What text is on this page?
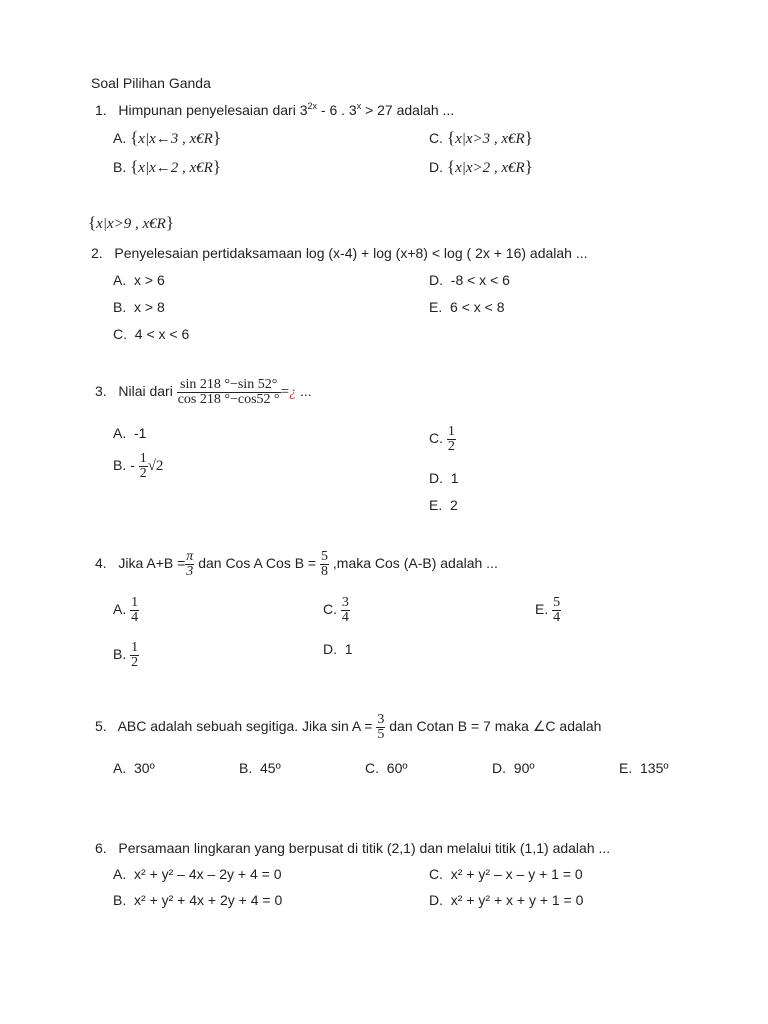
Soal Pilihan Ganda
1. Himpunan penyelesaian dari $3^{2x} - 6$ . $3^x > 27$ adalah ...
A. {x|x←3 , x€R}	C. {x|x>3 , x€R}
B. {x|x←2 , x€R}	D. {x|x>2 , x€R}
{x|x>9 , x€R}
2. Penyelesaian pertidaksamaan log (x-4) + log (x+8) < log ( 2x + 16) adalah ...
A. x > 6	D. -8 < x < 6
B. x > 8	E. 6 < x < 8
C. 4 < x < 6
3. Nilai dari $\frac{\sin 218 ^\circ-\sin 52^\circ}{\cos 218 ^\circ-\cos 52 ^\circ}$ =¿ ...
A. -1	C. $\frac{1}{2}$
B. - $\frac{1}{2} √2$
D. 1
E. 2
4. Jika $A+B = \frac{\pi}{3}$ dan Cos A Cos $B = \frac{5}{8}$ ,maka Cos (A-B) adalah ...
A. $\frac{1}{4}$	C. $\frac{3}{4}$	E. $\frac{5}{4}$
B. $\frac{1}{2}$	D. 1
5. ABC adalah sebuah segitiga. Jika $\sin A = \frac{3}{5}$ dan Cotan B = 7 maka ∠C adalah
A. 30º	B. 45º	C. 60º	D. 90º	E. 135º
6. Persamaan lingkaran yang berpusat di titik (2,1) dan melalui titik (1,1) adalah ...
A. x² + y² – 4x – 2y + 4 = 0	C. x² + y² – x – y + 1 = 0
B. x² + y² + 4x + 2y + 4 = 0	D. x² + y² + x + y + 1 = 0
